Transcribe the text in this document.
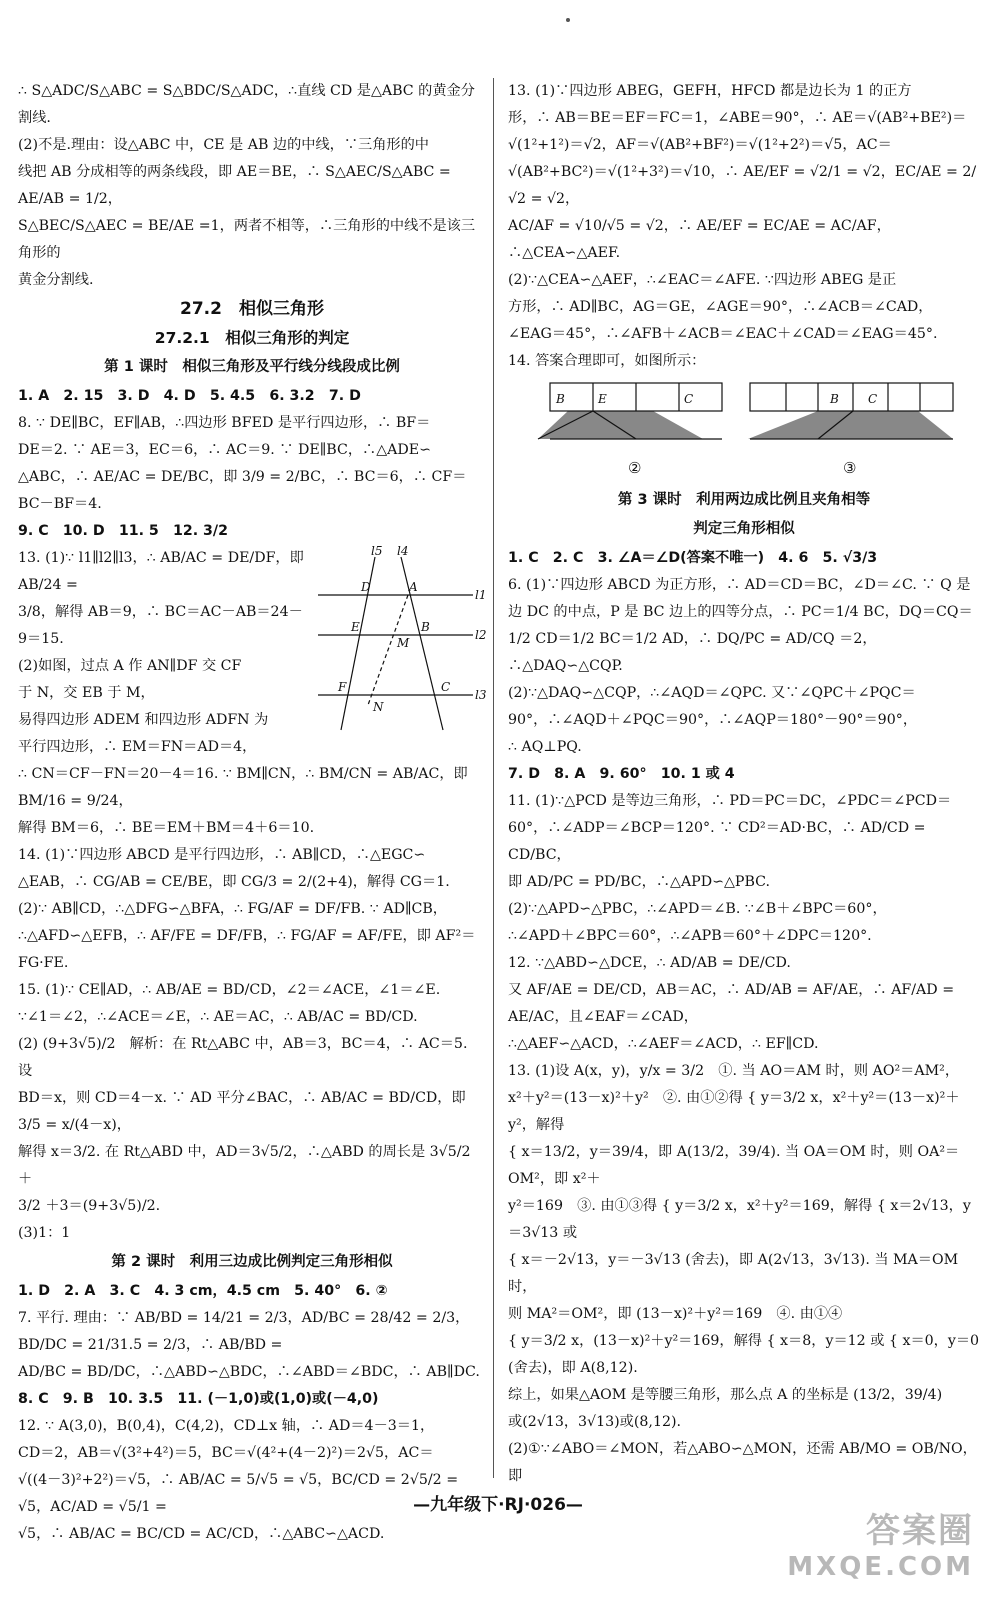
∴ S△ADC/S△ABC = S△BDC/S△ADC，∴直线 CD 是△ABC 的黄金分割线.
(2)不是.理由：设△ABC 中，CE 是 AB 边的中线，∵三角形的中
线把 AB 分成相等的两条线段，即 AE＝BE，∴ S△AEC/S△ABC = AE/AB = 1/2，
S△BEC/S△AEC = BE/AE =1，两者不相等，∴三角形的中线不是该三角形的
黄金分割线.
27.2　相似三角形
27.2.1　相似三角形的判定
第 1 课时　相似三角形及平行线分线段成比例
1. A　2. 15　3. D　4. D　5. 4.5　6. 3.2　7. D
8. ∵ DE∥BC，EF∥AB，∴四边形 BFED 是平行四边形，∴ BF＝
DE＝2. ∵ AE＝3，EC＝6，∴ AC＝9. ∵ DE∥BC，∴△ADE∽
△ABC，∴ AE/AC = DE/BC，即 3/9 = 2/BC，∴ BC＝6，∴ CF＝BC－BF＝4.
9. C　10. D　11. 5　12. 3/2
13. (1)∵ l1∥l2∥l3，∴ AB/AC = DE/DF，即 AB/24 =
3/8，解得 AB＝9，∴ BC＝AC－AB＝24－
9＝15.
(2)如图，过点 A 作 AN∥DF 交 CF
于 N，交 EB 于 M，
易得四边形 ADEM 和四边形 ADFN 为
平行四边形，∴ EM＝FN＝AD＝4，
l5 l4
l1
l2
l3
D	A
E	B
M
F	C
N
∴ CN＝CF－FN＝20－4＝16. ∵ BM∥CN，∴ BM/CN = AB/AC，即 BM/16 = 9/24，
解得 BM＝6，∴ BE＝EM＋BM＝4＋6＝10.
14. (1)∵四边形 ABCD 是平行四边形，∴ AB∥CD，∴△EGC∽
△EAB，∴ CG/AB = CE/BE，即 CG/3 = 2/(2+4)，解得 CG＝1.
(2)∵ AB∥CD，∴△DFG∽△BFA，∴ FG/AF = DF/FB. ∵ AD∥CB，
∴△AFD∽△EFB，∴ AF/FE = DF/FB，∴ FG/AF = AF/FE，即 AF²＝FG·FE.
15. (1)∵ CE∥AD，∴ AB/AE = BD/CD，∠2＝∠ACE，∠1＝∠E.
∵∠1＝∠2，∴∠ACE＝∠E，∴ AE＝AC，∴ AB/AC = BD/CD.
(2) (9+3√5)/2　解析：在 Rt△ABC 中，AB＝3，BC＝4，∴ AC＝5. 设
BD＝x，则 CD＝4－x. ∵ AD 平分∠BAC，∴ AB/AC = BD/CD，即 3/5 = x/(4－x)，
解得 x＝3/2. 在 Rt△ABD 中，AD＝3√5/2，∴△ABD 的周长是 3√5/2 ＋
3/2 ＋3＝(9+3√5)/2.
(3)1：1
第 2 课时　利用三边成比例判定三角形相似
1. D　2. A　3. C　4. 3 cm，4.5 cm　5. 40°　6. ②
7. 平行. 理由：∵ AB/BD = 14/21 = 2/3，AD/BC = 28/42 = 2/3，BD/DC = 21/31.5 = 2/3，∴ AB/BD =
AD/BC = BD/DC，∴△ABD∽△BDC，∴∠ABD＝∠BDC，∴ AB∥DC.
8. C　9. B　10. 3.5　11. (－1,0)或(1,0)或(－4,0)
12. ∵ A(3,0)，B(0,4)，C(4,2)，CD⊥x 轴，∴ AD＝4－3＝1，
CD＝2，AB＝√(3²+4²)＝5，BC＝√(4²+(4－2)²)＝2√5，AC＝
√((4－3)²+2²)＝√5，∴ AB/AC = 5/√5 = √5，BC/CD = 2√5/2 = √5，AC/AD = √5/1 =
√5，∴ AB/AC = BC/CD = AC/CD，∴△ABC∽△ACD.
13. (1)∵四边形 ABEG，GEFH，HFCD 都是边长为 1 的正方
形，∴ AB＝BE＝EF＝FC＝1，∠ABE＝90°，∴ AE＝√(AB²+BE²)＝
√(1²+1²)＝√2，AF＝√(AB²+BF²)＝√(1²+2²)＝√5，AC＝
√(AB²+BC²)＝√(1²+3²)＝√10，∴ AE/EF = √2/1 = √2，EC/AE = 2/√2 = √2，
AC/AF = √10/√5 = √2，∴ AE/EF = EC/AE = AC/AF，∴△CEA∽△AEF.
(2)∵△CEA∽△AEF，∴∠EAC＝∠AFE. ∵四边形 ABEG 是正
方形，∴ AD∥BC，AG＝GE，∠AGE＝90°，∴∠ACB＝∠CAD，
∠EAG＝45°，∴∠AFB＋∠ACB＝∠EAC＋∠CAD＝∠EAG＝45°.
14. 答案合理即可，如图所示：
B	E	C	B C
②	③
第 3 课时　利用两边成比例且夹角相等
判定三角形相似
1. C　2. C　3. ∠A＝∠D(答案不唯一)　4. 6　5. √3/3
6. (1)∵四边形 ABCD 为正方形，∴ AD＝CD＝BC，∠D＝∠C. ∵ Q 是
边 DC 的中点，P 是 BC 边上的四等分点，∴ PC＝1/4 BC，DQ＝CQ＝
1/2 CD＝1/2 BC＝1/2 AD，∴ DQ/PC = AD/CQ ＝2，∴△DAQ∽△CQP.
(2)∵△DAQ∽△CQP，∴∠AQD＝∠QPC. 又∵∠QPC＋∠PQC＝
90°，∴∠AQD＋∠PQC＝90°，∴∠AQP＝180°－90°＝90°，
∴ AQ⊥PQ.
7. D　8. A　9. 60°　10. 1 或 4
11. (1)∵△PCD 是等边三角形，∴ PD＝PC＝DC，∠PDC＝∠PCD＝
60°，∴∠ADP＝∠BCP＝120°. ∵ CD²＝AD·BC，∴ AD/CD = CD/BC，
即 AD/PC = PD/BC，∴△APD∽△PBC.
(2)∵△APD∽△PBC，∴∠APD＝∠B. ∵∠B＋∠BPC＝60°，
∴∠APD＋∠BPC＝60°，∴∠APB＝60°＋∠DPC＝120°.
12. ∵△ABD∽△DCE，∴ AD/AB = DE/CD.
又 AF/AE = DE/CD，AB＝AC，∴ AD/AB = AF/AE，∴ AF/AD = AE/AC，且∠EAF＝∠CAD，
∴△AEF∽△ACD，∴∠AEF＝∠ACD，∴ EF∥CD.
13. (1)设 A(x，y)，y/x = 3/2　①. 当 AO＝AM 时，则 AO²＝AM²，
x²＋y²＝(13－x)²＋y²　②. 由①②得 { y＝3/2 x，x²＋y²＝(13－x)²＋y²，解得
{ x＝13/2，y＝39/4，即 A(13/2，39/4). 当 OA＝OM 时，则 OA²＝OM²，即 x²＋
y²＝169　③. 由①③得 { y＝3/2 x，x²＋y²＝169，解得 { x＝2√13，y＝3√13 或
{ x＝－2√13，y＝－3√13 (舍去)，即 A(2√13，3√13). 当 MA＝OM 时，
则 MA²＝OM²，即 (13－x)²＋y²＝169　④. 由①④
{ y＝3/2 x，(13－x)²＋y²＝169，解得 { x＝8，y＝12 或 { x＝0，y＝0 (舍去)，即 A(8,12).
综上，如果△AOM 是等腰三角形，那么点 A 的坐标是 (13/2，39/4)
或(2√13，3√13)或(8,12).
(2)①∵∠ABO＝∠MON，若△ABO∽△MON，还需 AB/MO = OB/NO，即
—九年级下·RJ·026—
答案圈
MXQE.COM
